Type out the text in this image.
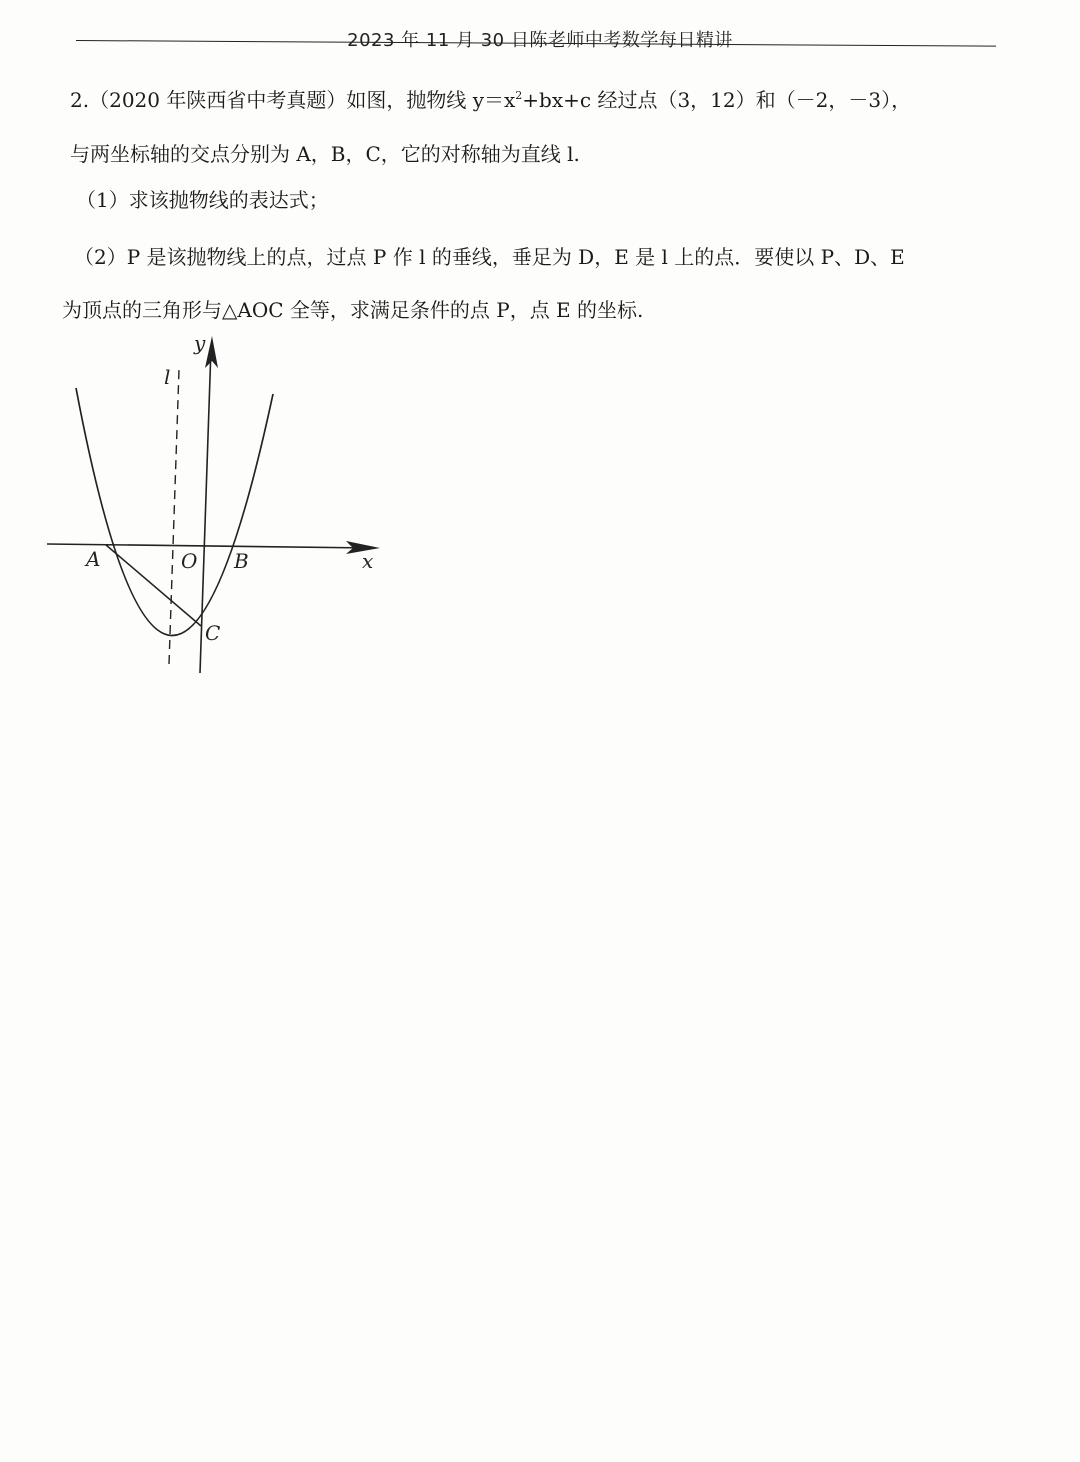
2023 年 11 月 30 日陈老师中考数学每日精讲
2.（2020 年陕西省中考真题）如图，抛物线 $y=x^2+bx+c$ 经过点（3，12）和（－2，－3），
与两坐标轴的交点分别为 A，B，C，它的对称轴为直线 l.
（1）求该抛物线的表达式；
（2）P 是该抛物线上的点，过点 P 作 l 的垂线，垂足为 D，E 是 l 上的点．要使以 P、D、E
为顶点的三角形与△AOC 全等，求满足条件的点 P，点 E 的坐标.
y
l
A	O B	x
C
